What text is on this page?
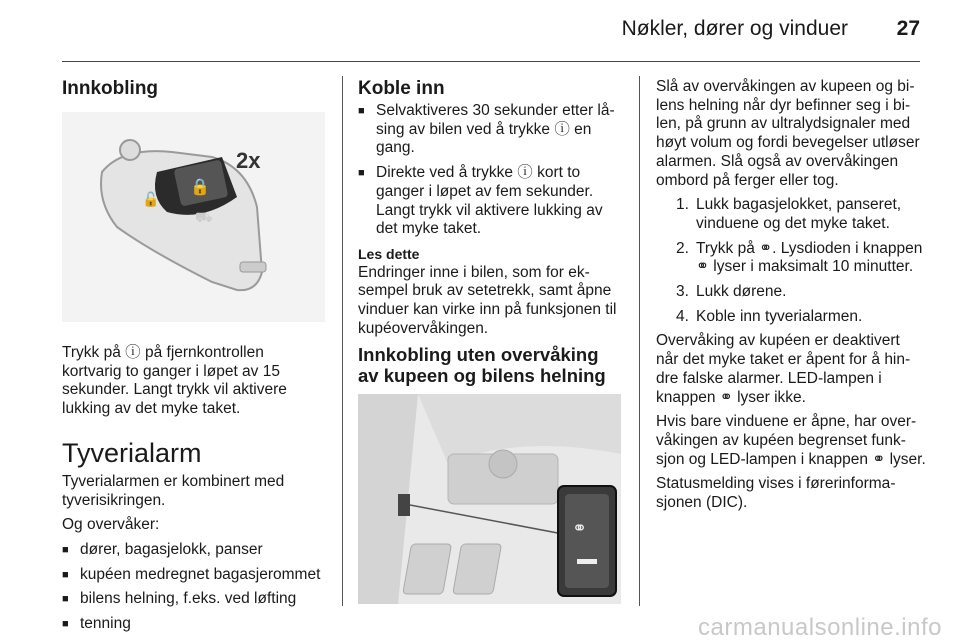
Nøkler, dører og vinduer 27
Innkobling
🔒
🔓
⛟
2x

Trykk på ⓘ på fjernkontrollen kortvarig to ganger i løpet av 15 sekunder. Langt trykk vil aktivere lukking av det myke taket.

Tyverialarm

Tyverialarmen er kombinert med tyverisikringen.

Og overvåker:

■ dører, bagasjelokk, panser
■ kupéen medregnet bagasjerommet
■ bilens helning, f.eks. ved løfting
■ tenning
Koble inn
■ Selvaktiveres 30 sekunder etter låsing av bilen ved å trykke ⓘ en gang.
■ Direkte ved å trykke ⓘ kort to ganger i løpet av fem sekunder. Langt trykk vil aktivere lukking av det myke taket.
Les dette

Endringer inne i bilen, som for eksempel bruk av setetrekk, samt åpne vinduer kan virke inn på funksjonen til kupéovervåkingen.

Innkobling uten overvåking av kupeen og bilens helning
⚭

Slå av overvåkingen av kupeen og bilens helning når dyr befinner seg i bilen, på grunn av ultralydsignaler med høyt volum og fordi bevegelser utløser alarmen. Slå også av overvåkingen ombord på ferger eller tog.

1. Lukk bagasjelokket, panseret, vinduene og det myke taket.
2. Trykk på ⚭. Lysdioden i knappen ⚭ lyser i maksimalt 10 minutter.
3. Lukk dørene.
4. Koble inn tyverialarmen.

Overvåking av kupéen er deaktivert når det myke taket er åpent for å hindre falske alarmer. LED-lampen i knappen ⚭ lyser ikke.

Hvis bare vinduene er åpne, har overvåkingen av kupéen begrenset funksjon og LED-lampen i knappen ⚭ lyser.

Statusmelding vises i førerinformasjonen (DIC).

carmanualsonline.info
